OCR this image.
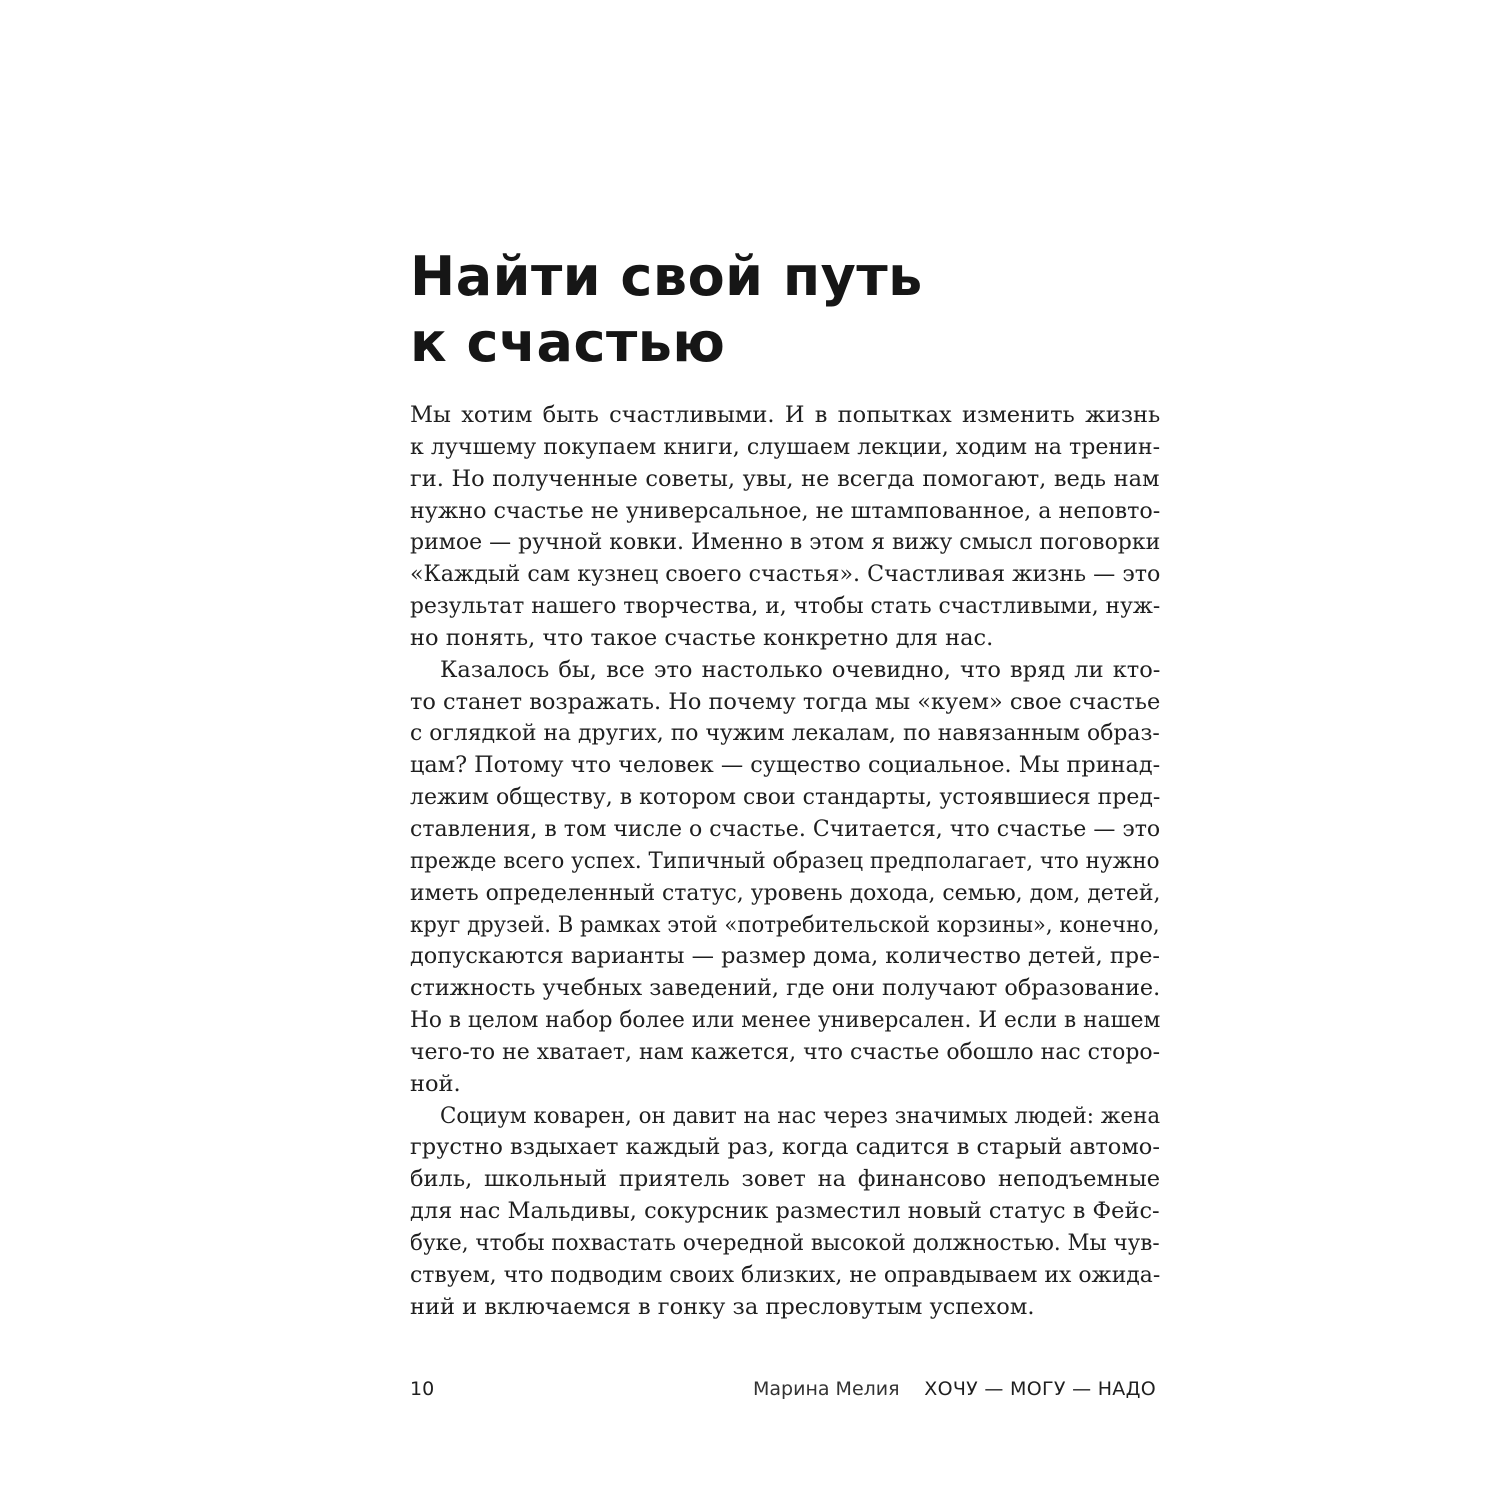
Найти свой путь
к счастью

Мы хотим быть счастливыми. И в попытках изменить жизнь
к лучшему покупаем книги, слушаем лекции, ходим на тренин-
ги. Но полученные советы, увы, не всегда помогают, ведь нам
нужно счастье не универсальное, не штампованное, а неповто-
римое — ручной ковки. Именно в этом я вижу смысл поговорки
«Каждый сам кузнец своего счастья». Счастливая жизнь — это
результат нашего творчества, и, чтобы стать счастливыми, нуж-
но понять, что такое счастье конкретно для нас.

Казалось бы, все это настолько очевидно, что вряд ли кто-
то станет возражать. Но почему тогда мы «куем» свое счастье
с оглядкой на других, по чужим лекалам, по навязанным образ-
цам? Потому что человек — существо социальное. Мы принад-
лежим обществу, в котором свои стандарты, устоявшиеся пред-
ставления, в том числе о счастье. Считается, что счастье — это
прежде всего успех. Типичный образец предполагает, что нужно
иметь определенный статус, уровень дохода, семью, дом, детей,
круг друзей. В рамках этой «потребительской корзины», конечно,
допускаются варианты — размер дома, количество детей, пре-
стижность учебных заведений, где они получают образование.
Но в целом набор более или менее универсален. И если в нашем
чего-то не хватает, нам кажется, что счастье обошло нас сторо-
ной.

Социум коварен, он давит на нас через значимых людей: жена
грустно вздыхает каждый раз, когда садится в старый автомо-
биль, школьный приятель зовет на финансово неподъемные
для нас Мальдивы, сокурсник разместил новый статус в Фейс-
буке, чтобы похвастать очередной высокой должностью. Мы чув-
ствуем, что подводим своих близких, не оправдываем их ожида-
ний и включаемся в гонку за пресловутым успехом.

10	Марина Мелия ХОЧУ — МОГУ — НАДО
